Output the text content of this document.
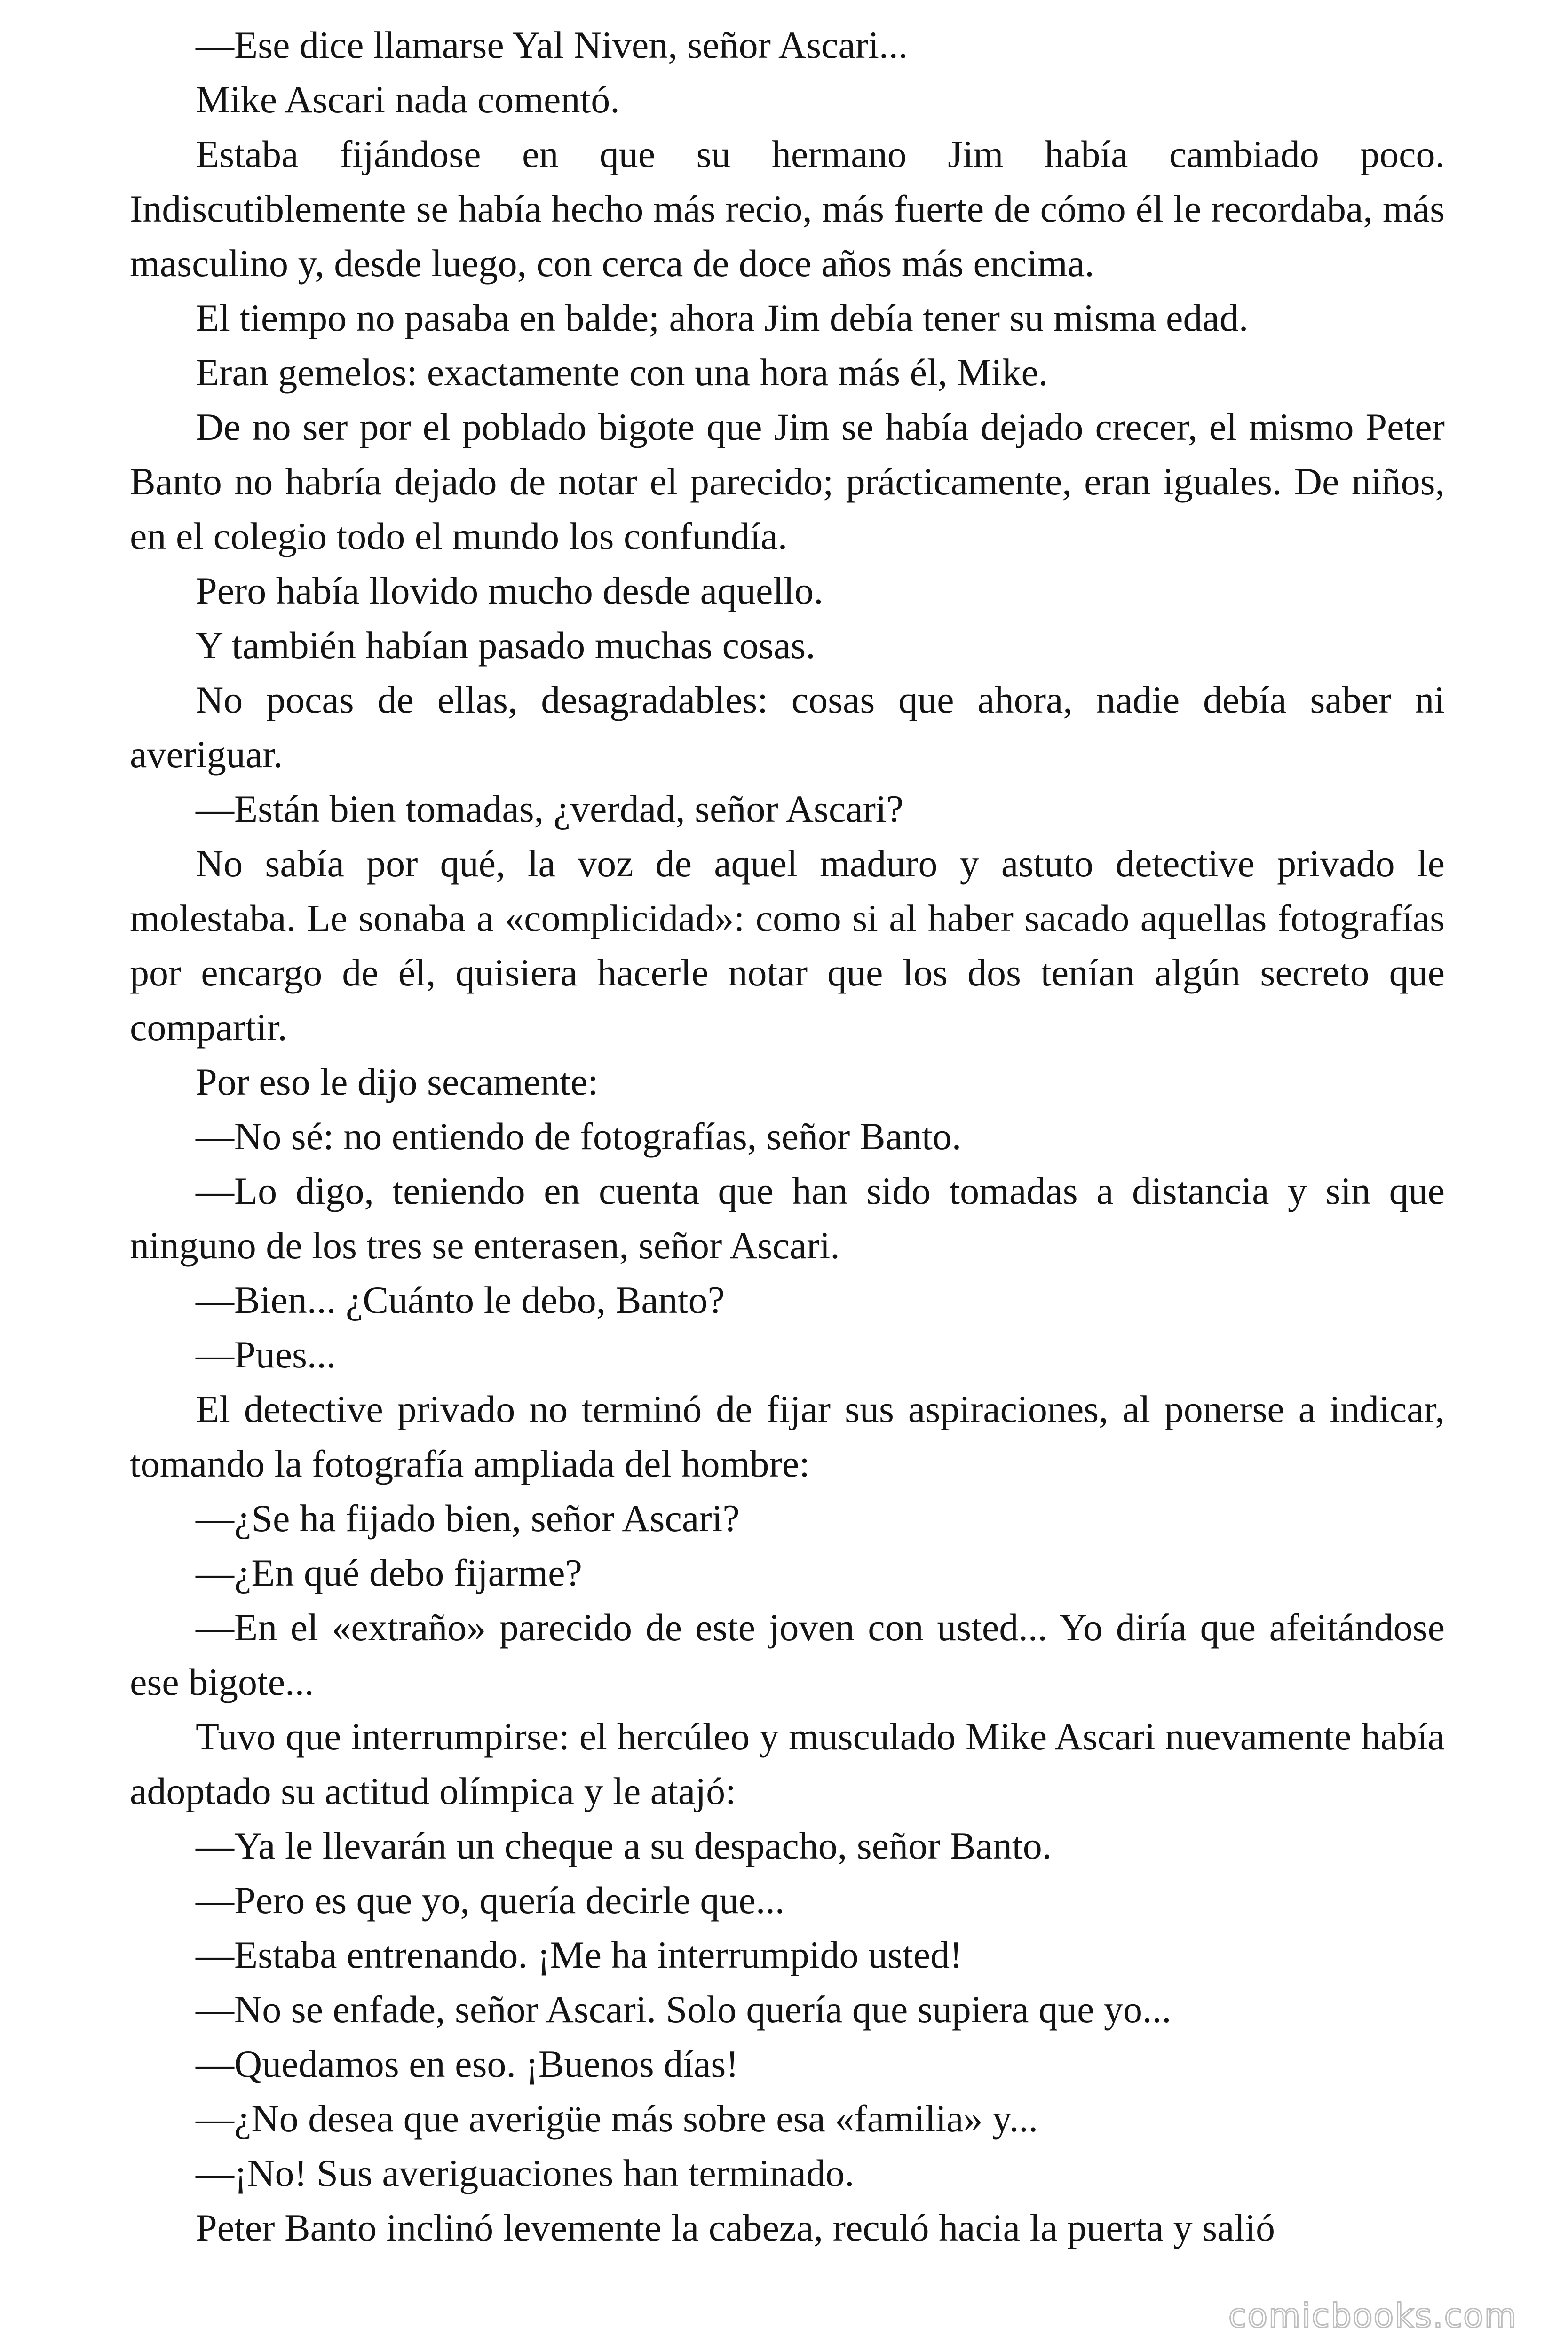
—Ese dice llamarse Yal Niven, señor Ascari...

Mike Ascari nada comentó.

Estaba fijándose en que su hermano Jim había cambiado poco. Indiscutiblemente se había hecho más recio, más fuerte de cómo él le recordaba, más masculino y, desde luego, con cerca de doce años más encima.

El tiempo no pasaba en balde; ahora Jim debía tener su misma edad.

Eran gemelos: exactamente con una hora más él, Mike.

De no ser por el poblado bigote que Jim se había dejado crecer, el mismo Peter Banto no habría dejado de notar el parecido; prácticamente, eran iguales. De niños, en el colegio todo el mundo los confundía.

Pero había llovido mucho desde aquello.

Y también habían pasado muchas cosas.

No pocas de ellas, desagradables: cosas que ahora, nadie debía saber ni averiguar.

—Están bien tomadas, ¿verdad, señor Ascari?

No sabía por qué, la voz de aquel maduro y astuto detective privado le molestaba. Le sonaba a «complicidad»: como si al haber sacado aquellas fotografías por encargo de él, quisiera hacerle notar que los dos tenían algún secreto que compartir.

Por eso le dijo secamente:

—No sé: no entiendo de fotografías, señor Banto.

—Lo digo, teniendo en cuenta que han sido tomadas a distancia y sin que ninguno de los tres se enterasen, señor Ascari.

—Bien... ¿Cuánto le debo, Banto?

—Pues...

El detective privado no terminó de fijar sus aspiraciones, al ponerse a indicar, tomando la fotografía ampliada del hombre:

—¿Se ha fijado bien, señor Ascari?

—¿En qué debo fijarme?

—En el «extraño» parecido de este joven con usted... Yo diría que afeitándose ese bigote...

Tuvo que interrumpirse: el hercúleo y musculado Mike Ascari nuevamente había adoptado su actitud olímpica y le atajó:

—Ya le llevarán un cheque a su despacho, señor Banto.

—Pero es que yo, quería decirle que...

—Estaba entrenando. ¡Me ha interrumpido usted!

—No se enfade, señor Ascari. Solo quería que supiera que yo...

—Quedamos en eso. ¡Buenos días!

—¿No desea que averigüe más sobre esa «familia» y...

—¡No! Sus averiguaciones han terminado.

Peter Banto inclinó levemente la cabeza, reculó hacia la puerta y salió

comicbooks.com
